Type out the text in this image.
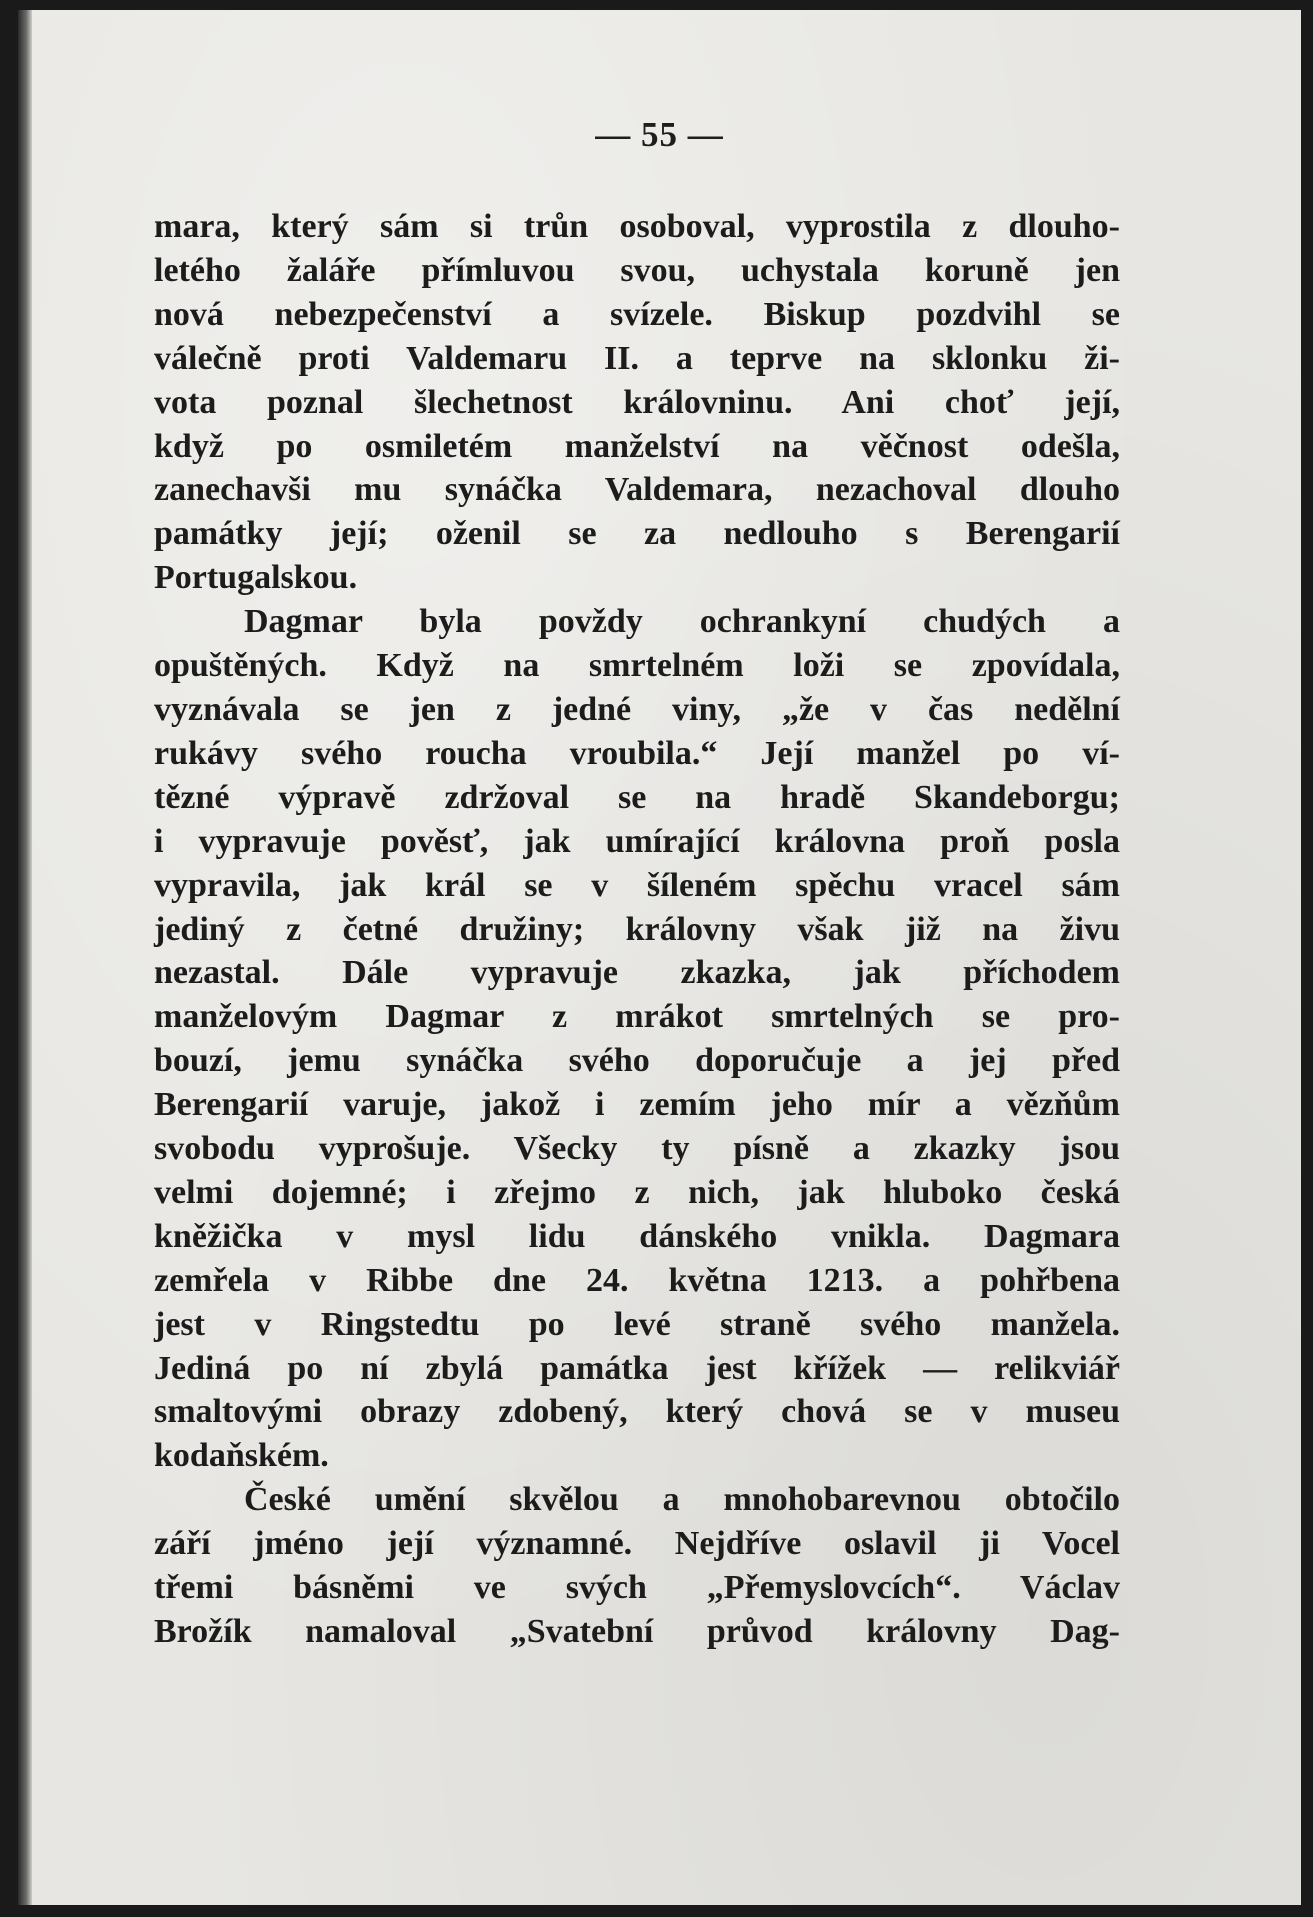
— 55 —
mara, který sám si trůn osoboval, vyprostila z dlouho-
letého žaláře přímluvou svou, uchystala koruně jen
nová nebezpečenství a svízele. Biskup pozdvihl se
válečně proti Valdemaru II. a teprve na sklonku ži-
vota poznal šlechetnost královninu. Ani choť její,
když po osmiletém manželství na věčnost odešla,
zanechavši mu synáčka Valdemara, nezachoval dlouho
památky její; oženil se za nedlouho s Berengarií
Portugalskou.
Dagmar byla povždy ochrankyní chudých a
opuštěných. Když na smrtelném loži se zpovídala,
vyznávala se jen z jedné viny, „že v čas nedělní
rukávy svého roucha vroubila.“ Její manžel po ví-
tězné výpravě zdržoval se na hradě Skandeborgu;
i vypravuje pověsť, jak umírající královna proň posla
vypravila, jak král se v šíleném spěchu vracel sám
jediný z četné družiny; královny však již na živu
nezastal. Dále vypravuje zkazka, jak příchodem
manželovým Dagmar z mrákot smrtelných se pro-
bouzí, jemu synáčka svého doporučuje a jej před
Berengarií varuje, jakož i zemím jeho mír a vězňům
svobodu vyprošuje. Všecky ty písně a zkazky jsou
velmi dojemné; i zřejmo z nich, jak hluboko česká
kněžička v mysl lidu dánského vnikla. Dagmara
zemřela v Ribbe dne 24. května 1213. a pohřbena
jest v Ringstedtu po levé straně svého manžela.
Jediná po ní zbylá památka jest křížek — relikviář
smaltovými obrazy zdobený, který chová se v museu
kodaňském.
České umění skvělou a mnohobarevnou obtočilo
září jméno její významné. Nejdříve oslavil ji Vocel
třemi básněmi ve svých „Přemyslovcích“. Václav
Brožík namaloval „Svatební průvod královny Dag-
